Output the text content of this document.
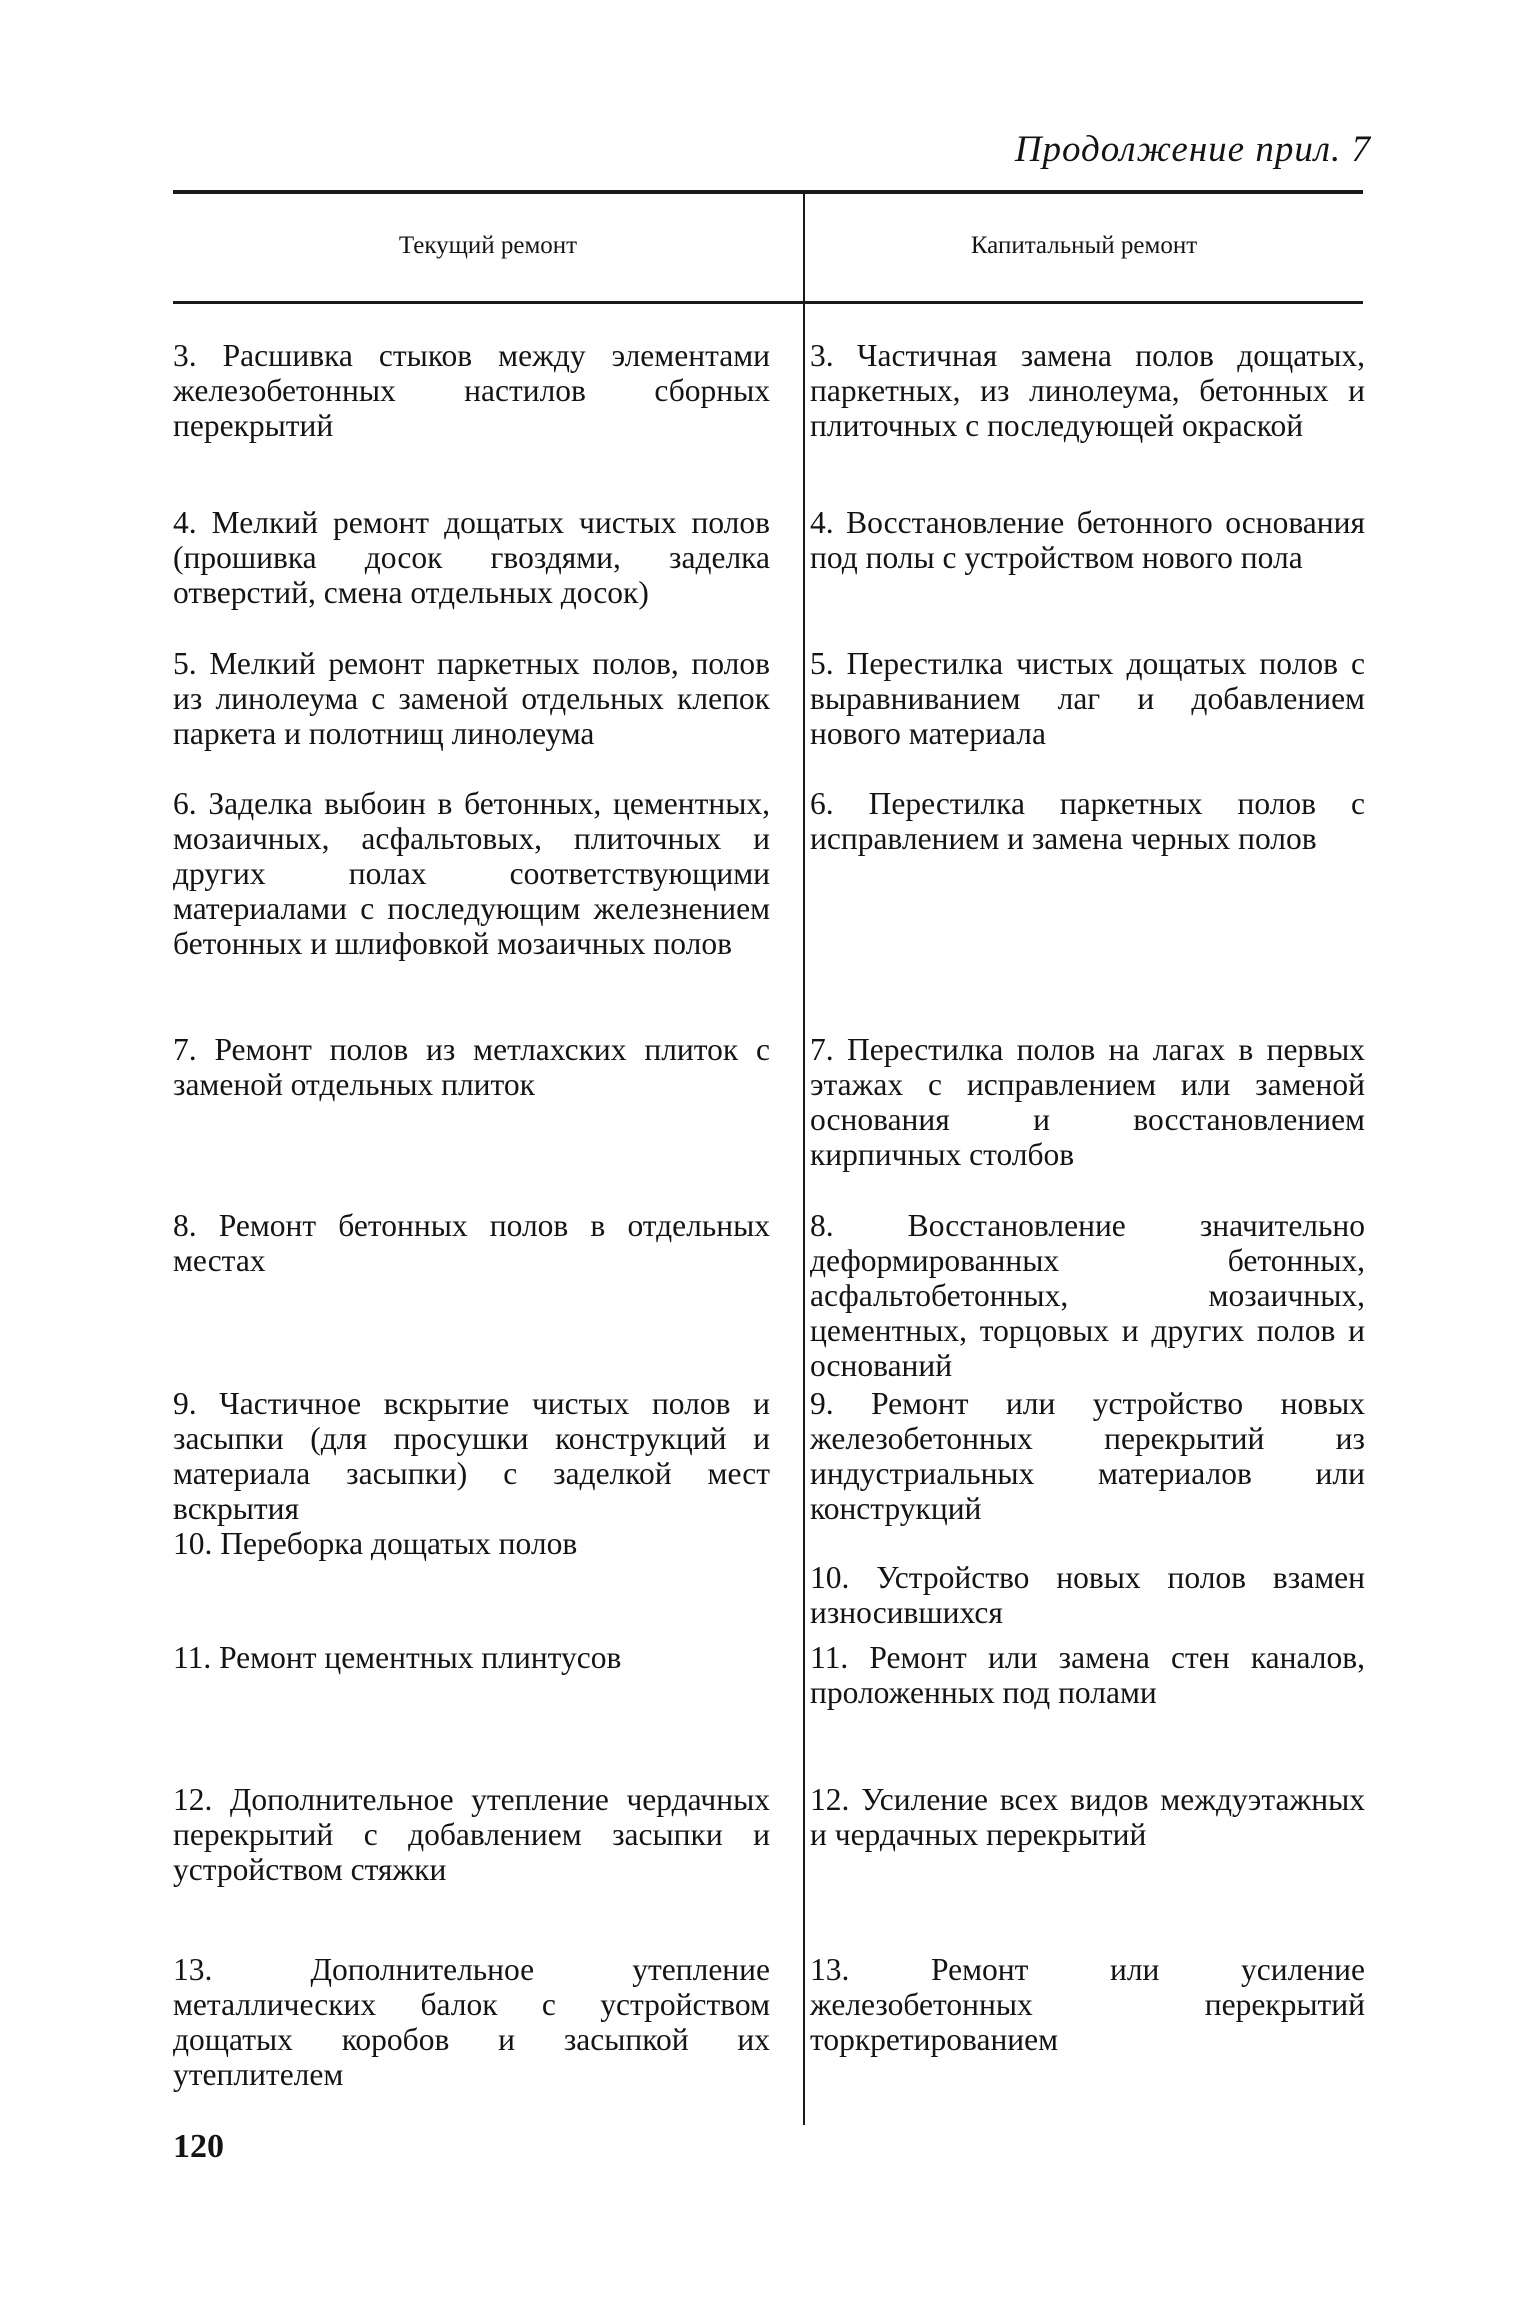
Продолжение прил. 7
Текущий ремонт	Капитальный ремонт
3. Расшивка стыков между элементами железобетонных настилов сборных перекрытий
4. Мелкий ремонт дощатых чистых полов (прошивка досок гвоздями, заделка отверстий, смена отдельных досок)
5. Мелкий ремонт паркетных полов, полов из линолеума с заменой отдельных клепок паркета и полотнищ линолеума
6. Заделка выбоин в бетонных, цементных, мозаичных, асфальтовых, плиточных и других полах соответствующими материалами с последующим железнением бетонных и шлифовкой мозаичных полов
7. Ремонт полов из метлахских плиток с заменой отдельных плиток
8. Ремонт бетонных полов в отдельных местах
9. Частичное вскрытие чистых полов и засыпки (для просушки конструкций и материала засыпки) с заделкой мест вскрытия
10. Переборка дощатых полов
11. Ремонт цементных плинтусов
12. Дополнительное утепление чердачных перекрытий с добавлением засыпки и устройством стяжки
13. Дополнительное утепление металлических балок с устройством дощатых коробов и засыпкой их утеплителем
3. Частичная замена полов дощатых, паркетных, из линолеума, бетонных и плиточных с последующей окраской
4. Восстановление бетонного основания под полы с устройством нового пола
5. Перестилка чистых дощатых полов с выравниванием лаг и добавлением нового материала
6. Перестилка паркетных полов с исправлением и замена черных полов
7. Перестилка полов на лагах в первых этажах с исправлением или заменой основания и восстановлением кирпичных столбов
8. Восстановление значительно деформированных бетонных, асфальтобетонных, мозаичных, цементных, торцовых и других полов и оснований
9. Ремонт или устройство новых железобетонных перекрытий из индустриальных материалов или конструкций
10. Устройство новых полов взамен износившихся
11. Ремонт или замена стен каналов, проложенных под полами
12. Усиление всех видов междуэтажных и чердачных перекрытий
13. Ремонт или усиление железобетонных перекрытий торкретированием
120
